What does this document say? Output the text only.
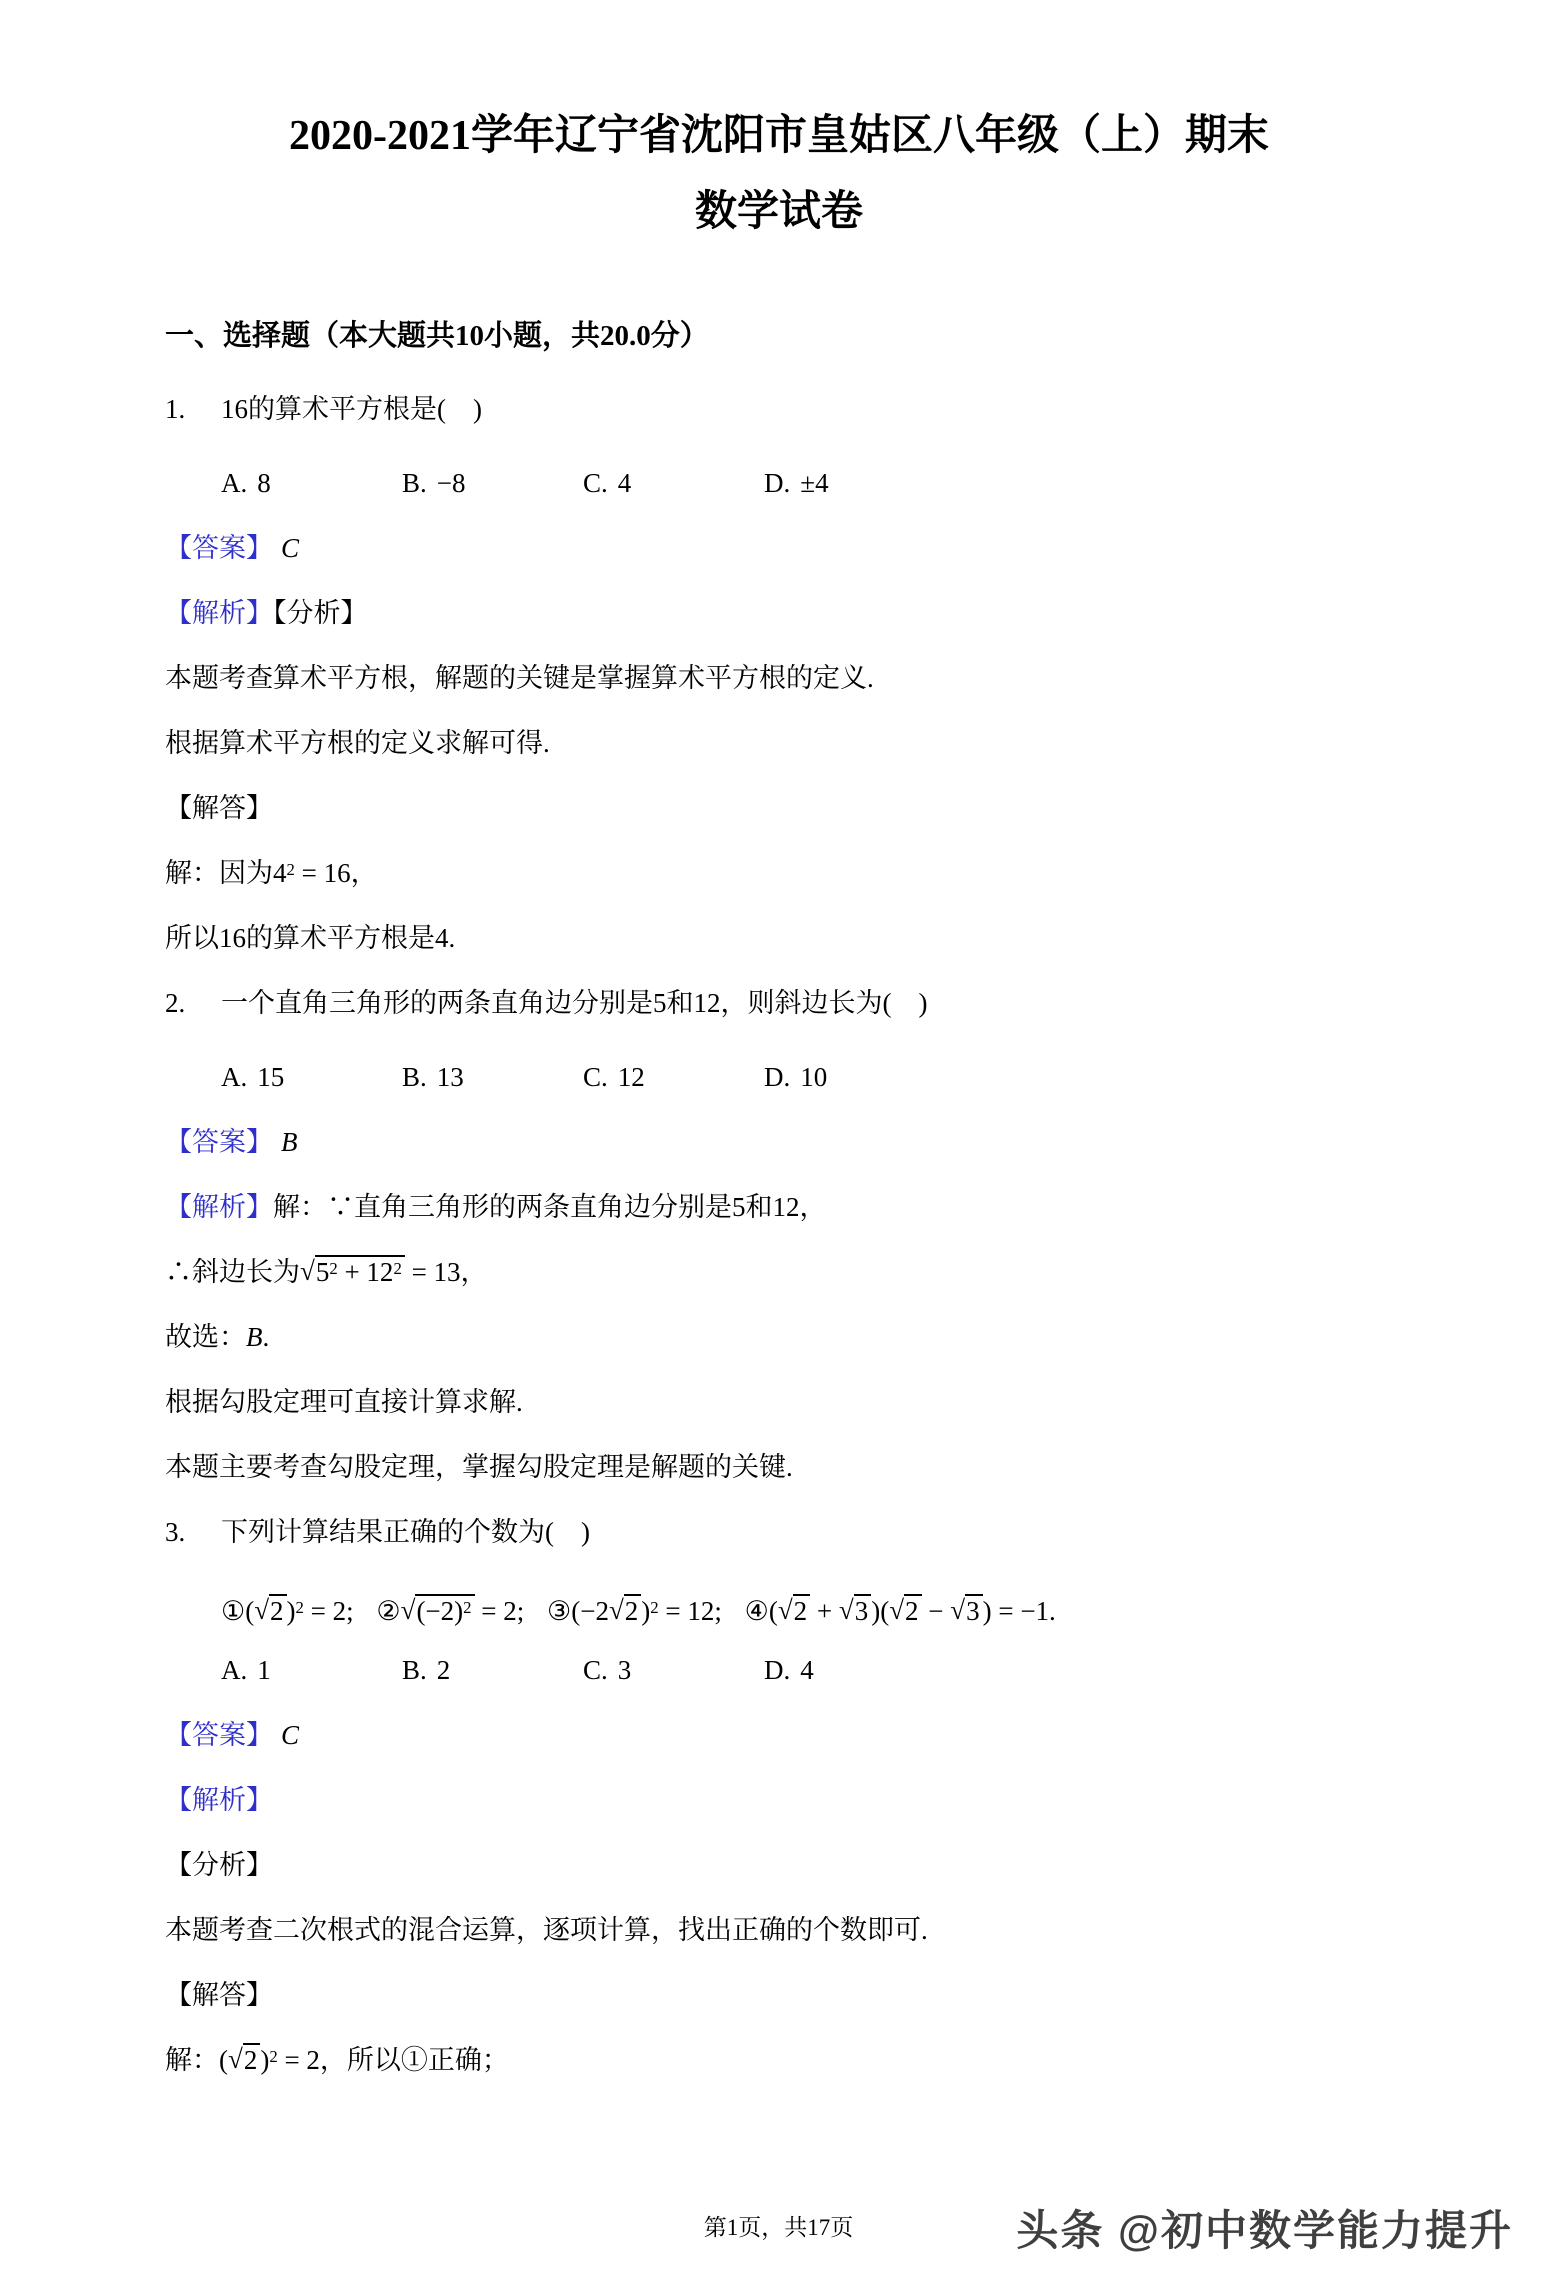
2020-2021学年辽宁省沈阳市皇姑区八年级（上）期末
数学试卷
一、选择题（本大题共10小题，共20.0分）

1. 16的算术平方根是(　)

A. 8	B. −8	C. 4	D. ±4

【答案】 C

【解析】【分析】

本题考查算术平方根，解题的关键是掌握算术平方根的定义.

根据算术平方根的定义求解可得.

【解答】

解：因为$4^2 = 16$，

所以16的算术平方根是4.

2. 一个直角三角形的两条直角边分别是5和12，则斜边长为(　)

A. 15	B. 13	C. 12	D. 10

【答案】 B

【解析】解：∵直角三角形的两条直角边分别是5和12，

∴斜边长为$√5^2 + 12^2 = 13$，

故选：B.

根据勾股定理可直接计算求解.

本题主要考查勾股定理，掌握勾股定理是解题的关键.

3. 下列计算结果正确的个数为(　)

①(√2 )$^2$ = 2; $②√(-2)^2 = 2$; ③(−2√2 )$^2$ = 12; ④(√2 + √3 )(√2 − √3 ) = −1.

A. 1	B. 2	C. 3	D. 4

【答案】 C

【解析】

【分析】

本题考查二次根式的混合运算，逐项计算，找出正确的个数即可.

【解答】

解：(√2 )$^2$ = 2，所以①正确；

第1页，共17页	头条 @初中数学能力提升
